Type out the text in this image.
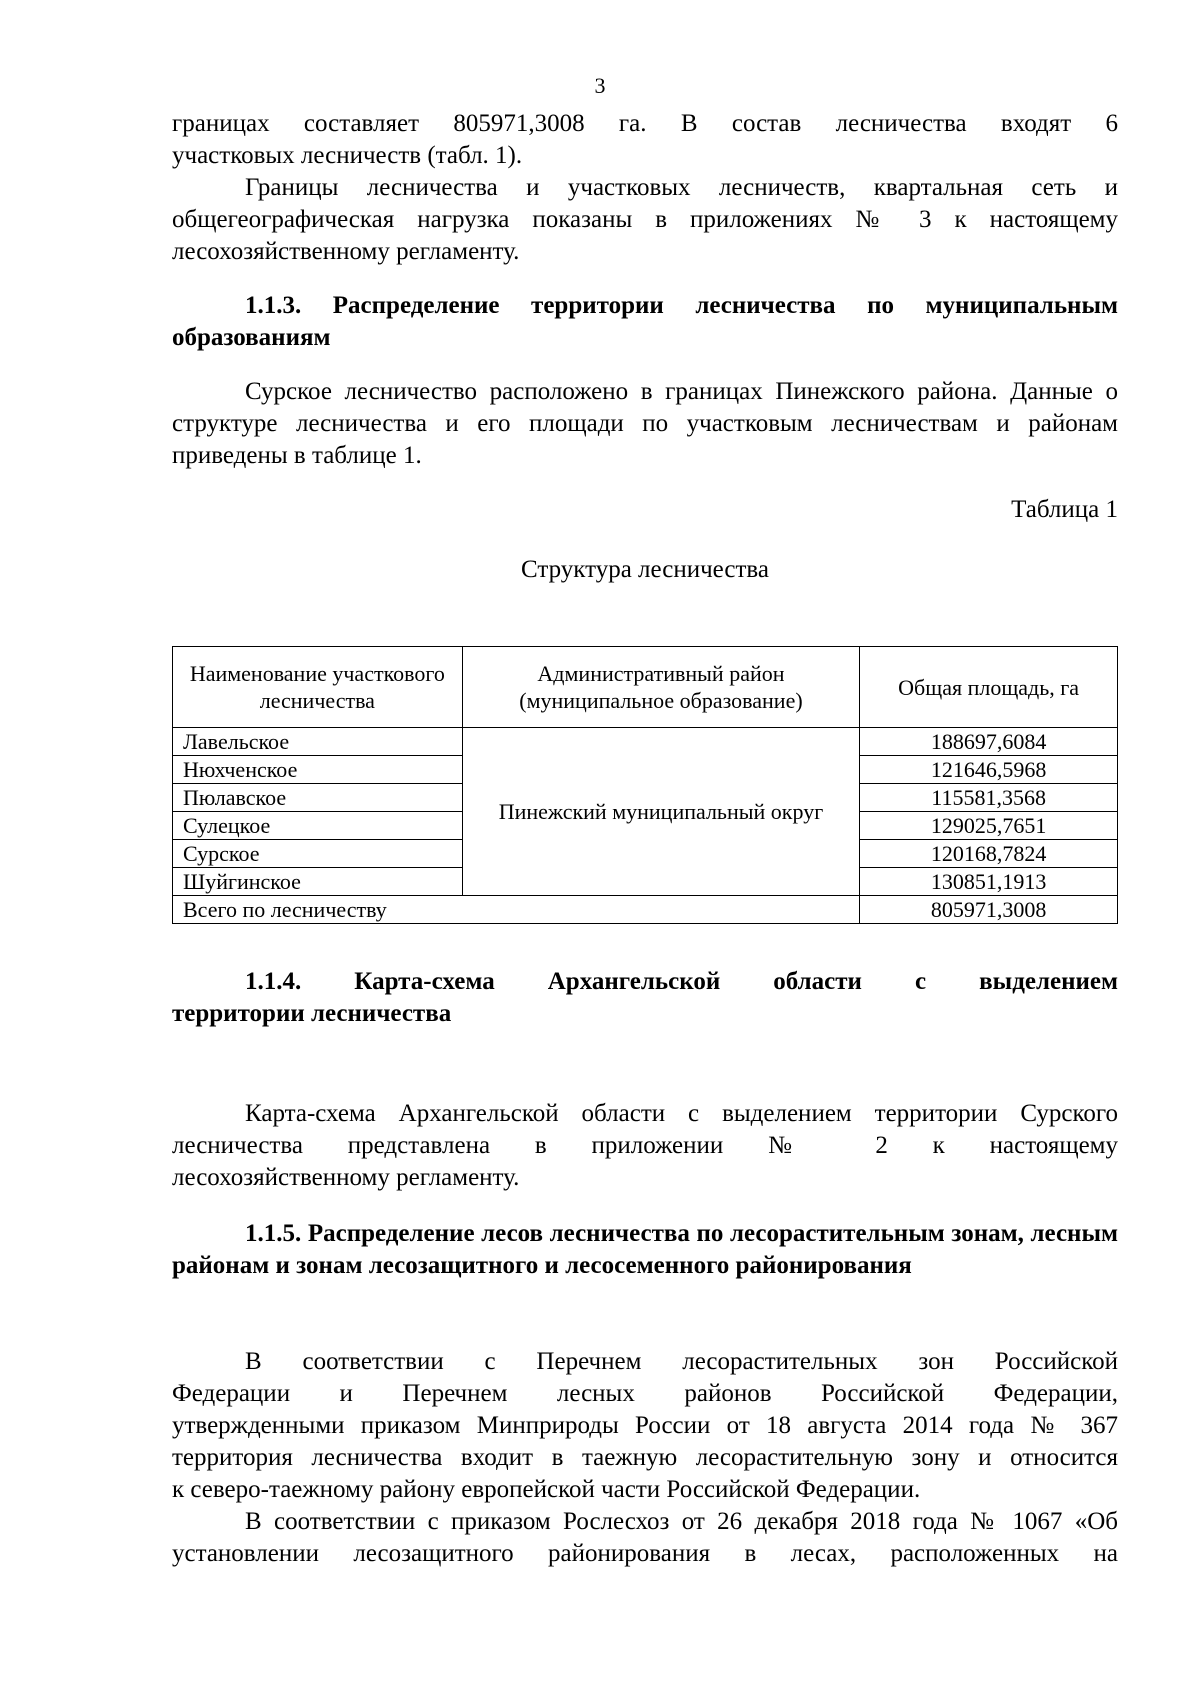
3
границах составляет 805971,3008 га. В состав лесничества входят 6
участковых лесничеств (табл. 1).

Границы лесничества и участковых лесничеств, квартальная сеть и общегеографическая нагрузка показаны в приложениях № 3 к настоящему лесохозяйственному регламенту.

1.1.3. Распределение территории лесничества по муниципальным образованиям

Сурское лесничество расположено в границах Пинежского района. Данные о структуре лесничества и его площади по участковым лесничествам и районам приведены в таблице 1.

Таблица 1
Структура лесничества
Наименование участкового лесничества	Административный район (муниципальное образование)	Общая площадь, га
Лавельское	Пинежский муниципальный округ	188697,6084
Нюхченское		121646,5968
Пюлавское		115581,3568
Сулецкое		129025,7651
Сурское		120168,7824
Шуйгинское		130851,1913
Всего по лесничеству		805971,3008
1.1.4. Карта-схема Архангельской области с выделением
территории лесничества
Карта-схема Архангельской области с выделением территории Сурского
лесничества представлена в приложении № 2 к настоящему
лесохозяйственному регламенту.

1.1.5. Распределение лесов лесничества по лесорастительным зонам, лесным районам и зонам лесозащитного и лесосеменного районирования

В соответствии с Перечнем лесорастительных зон Российской
Федерации и Перечнем лесных районов Российской Федерации,
утвержденными приказом Минприроды России от 18 августа 2014 года № 367
территория лесничества входит в таежную лесорастительную зону и относится
к северо-таежному району европейской части Российской Федерации.

В соответствии с приказом Рослесхоз от 26 декабря 2018 года № 1067 «Об установлении лесозащитного районирования в лесах, расположенных на
